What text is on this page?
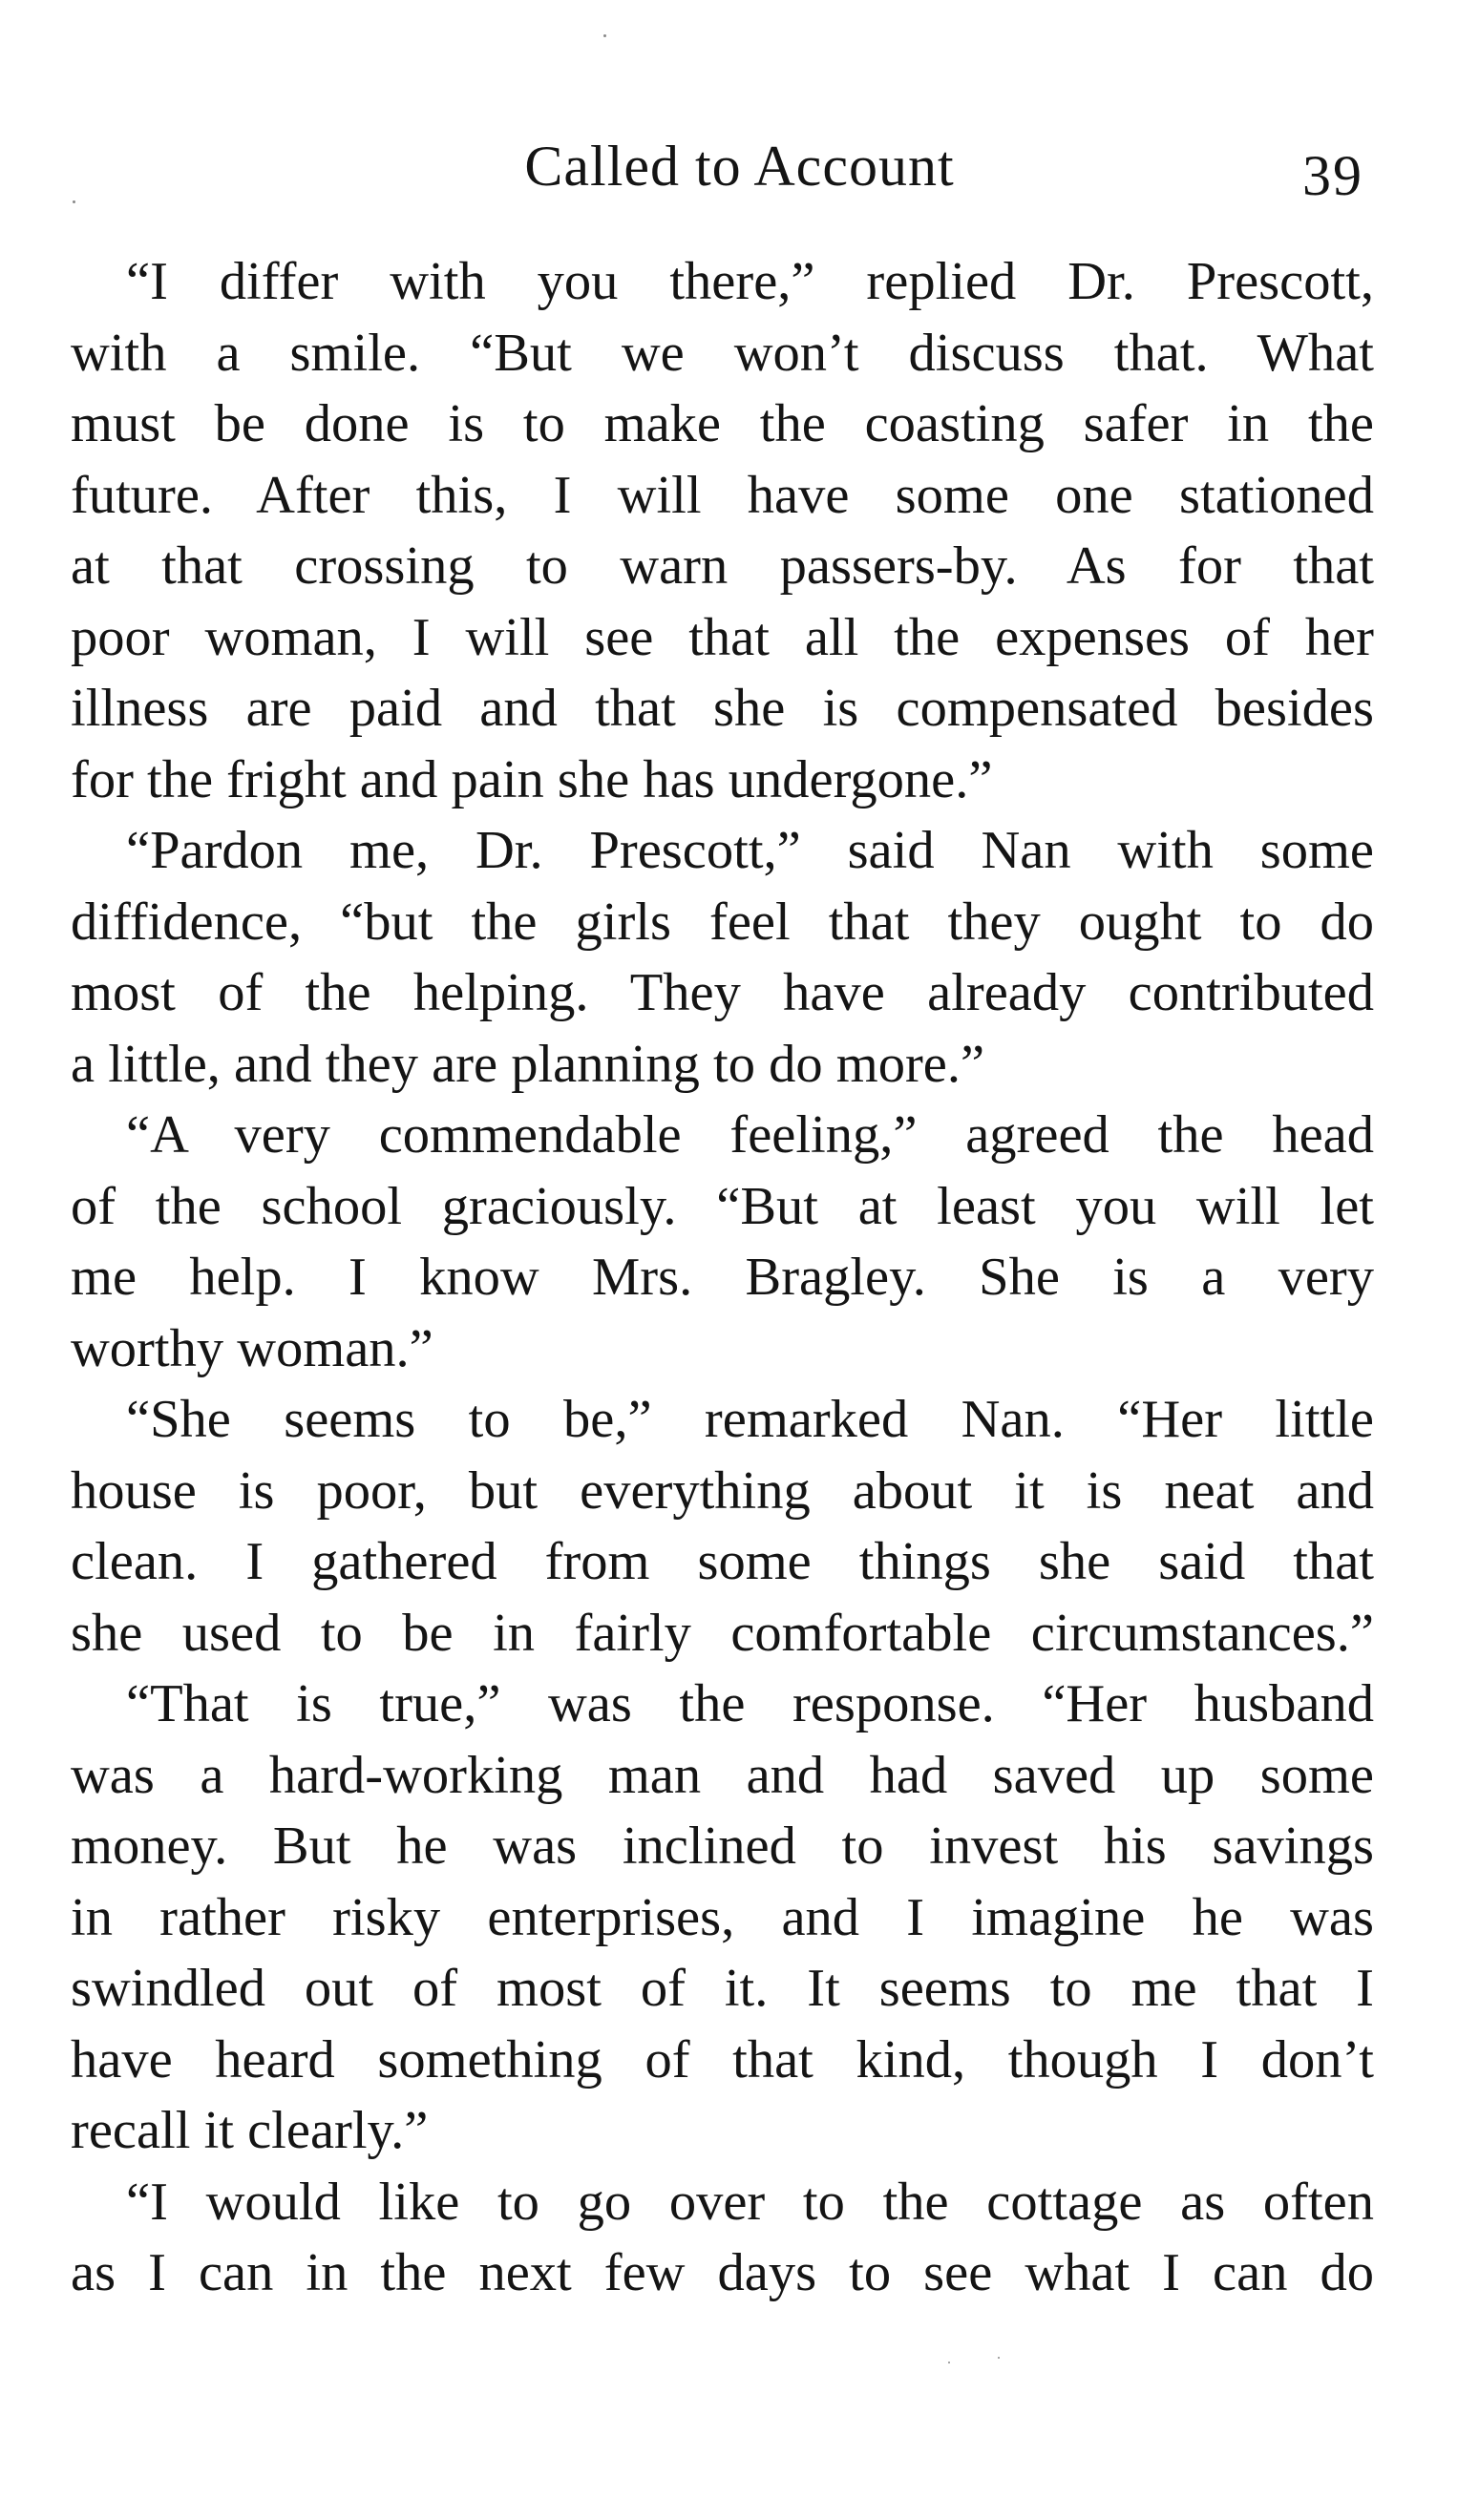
Called to Account	39
“I differ with you there,” replied Dr. Prescott,
with a smile. “But we won’t discuss that. What
must be done is to make the coasting safer in the
future. After this, I will have some one stationed
at that crossing to warn passers-by. As for that
poor woman, I will see that all the expenses of her
illness are paid and that she is compensated besides
for the fright and pain she has undergone.”
“Pardon me, Dr. Prescott,” said Nan with some
diffidence, “but the girls feel that they ought to do
most of the helping. They have already contributed
a little, and they are planning to do more.”
“A very commendable feeling,” agreed the head
of the school graciously. “But at least you will let
me help. I know Mrs. Bragley. She is a very
worthy woman.”
“She seems to be,” remarked Nan. “Her little
house is poor, but everything about it is neat and
clean. I gathered from some things she said that
she used to be in fairly comfortable circumstances.”
“That is true,” was the response. “Her husband
was a hard-working man and had saved up some
money. But he was inclined to invest his savings
in rather risky enterprises, and I imagine he was
swindled out of most of it. It seems to me that I
have heard something of that kind, though I don’t
recall it clearly.”
“I would like to go over to the cottage as often
as I can in the next few days to see what I can do
